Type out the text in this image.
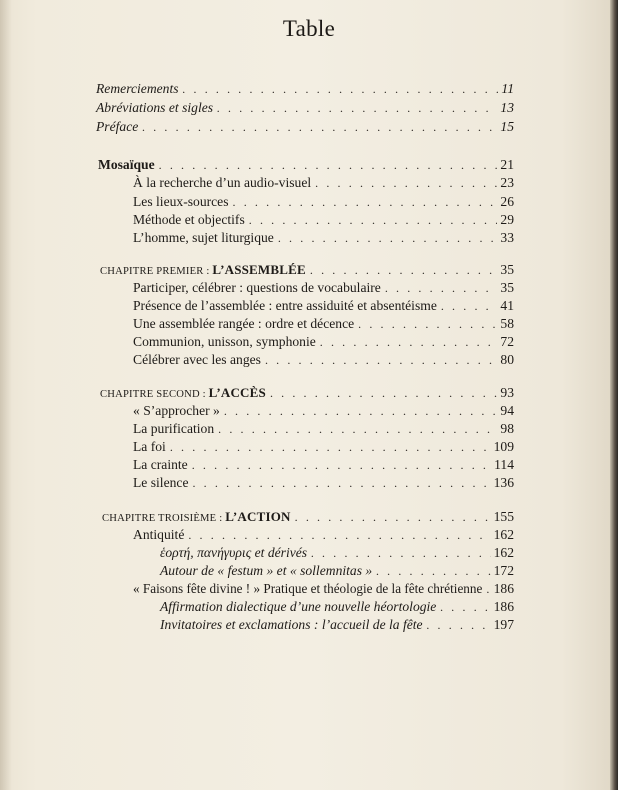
Table
Remerciements . . .	11
Abréviations et sigles . . .	13
Préface . . .	15
Mosaïque . . .	21
À la recherche d’un audio-visuel . . .	23
Les lieux-sources . . .	26
Méthode et objectifs . . .	29
L’homme, sujet liturgique . . .	33
CHAPITRE PREMIER : L’ASSEMBLÉE . . .	35
Participer, célébrer : questions de vocabulaire . . .	35
Présence de l’assemblée : entre assiduité et absentéisme . . .	41
Une assemblée rangée : ordre et décence . . .	58
Communion, unisson, symphonie . . .	72
Célébrer avec les anges . . .	80
CHAPITRE SECOND : L’ACCÈS . . .	93
« S’approcher » . . .	94
La purification . . .	98
La foi . . .	109
La crainte . . .	114
Le silence . . .	136
CHAPITRE TROISIÈME : L’ACTION . . .	155
Antiquité . . .	162
ἑορτή, πανήγυρις et dérivés . . .	162
Autour de « festum » et « sollemnitas » . . .	172
« Faisons fête divine ! » Pratique et théologie de la fête chrétienne . . . 186
Affirmation dialectique d’une nouvelle héortologie . . .	186
Invitatoires et exclamations : l’accueil de la fête . . .	197
